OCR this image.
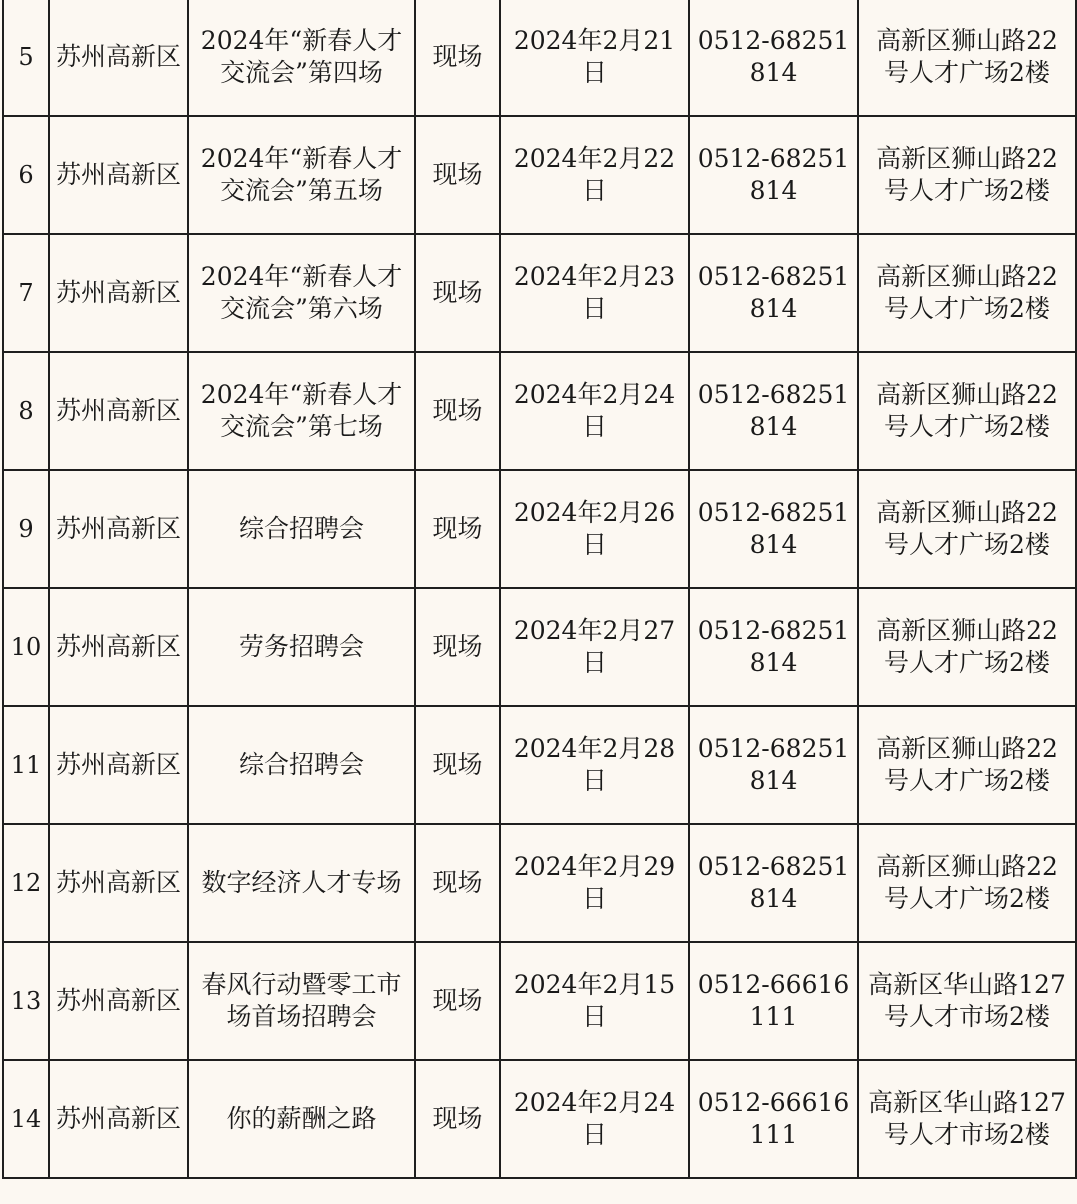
5	苏州高新区	2024年“新春人才交流会”第四场	现场	2024年2月21日	0512-68251814	高新区狮山路22号人才广场2楼
6	苏州高新区	2024年“新春人才交流会”第五场	现场	2024年2月22日	0512-68251814	高新区狮山路22号人才广场2楼
7	苏州高新区	2024年“新春人才交流会”第六场	现场	2024年2月23日	0512-68251814	高新区狮山路22号人才广场2楼
8	苏州高新区	2024年“新春人才交流会”第七场	现场	2024年2月24日	0512-68251814	高新区狮山路22号人才广场2楼
9	苏州高新区	综合招聘会	现场	2024年2月26日	0512-68251814	高新区狮山路22号人才广场2楼
10	苏州高新区	劳务招聘会	现场	2024年2月27日	0512-68251814	高新区狮山路22号人才广场2楼
11	苏州高新区	综合招聘会	现场	2024年2月28日	0512-68251814	高新区狮山路22号人才广场2楼
12	苏州高新区	数字经济人才专场	现场	2024年2月29日	0512-68251814	高新区狮山路22号人才广场2楼
13	苏州高新区	春风行动暨零工市场首场招聘会	现场	2024年2月15日	0512-66616111	高新区华山路127号人才市场2楼
14	苏州高新区	你的薪酬之路	现场	2024年2月24日	0512-66616111	高新区华山路127号人才市场2楼
